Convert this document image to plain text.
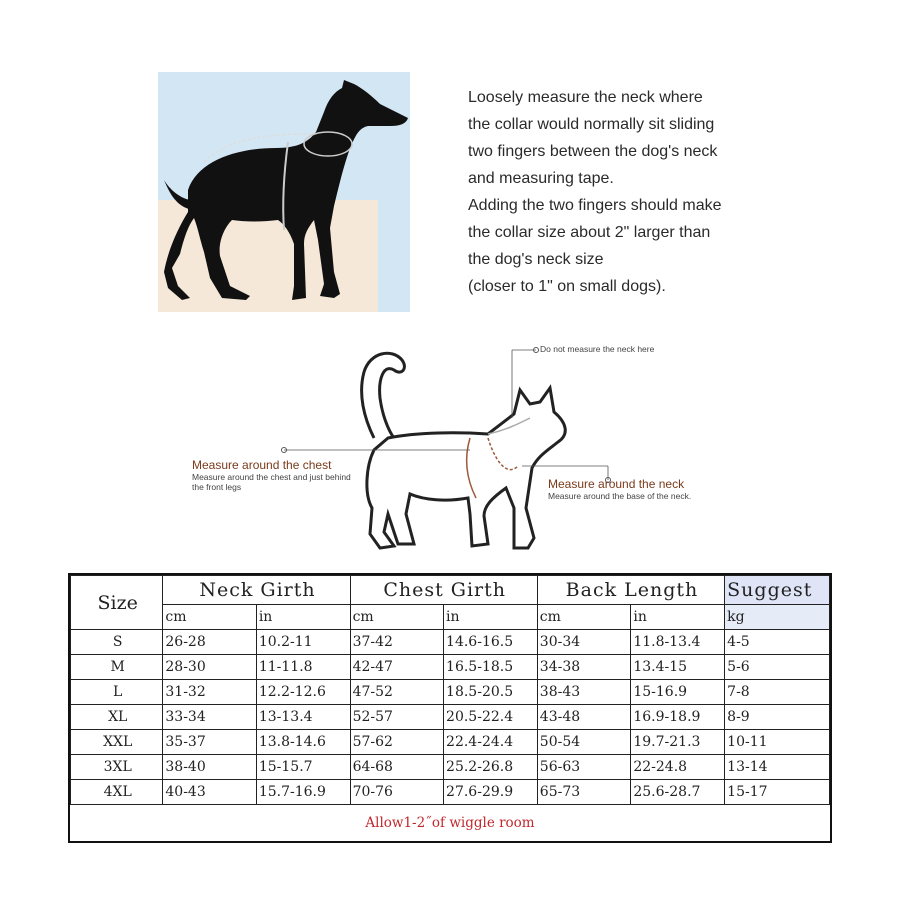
Loosely measure the neck where
the collar would normally sit sliding
two fingers between the dog's neck
and measuring tape.
Adding the two fingers should make
the collar size about 2" larger than
the dog's neck size
(closer to 1" on small dogs).
Do not measure the neck here
Measure around the chest
Measure around the chest and just behind the front legs	Measure around the neck
Measure around the base of the neck.
Size	Neck Girth		Chest Girth		Back Length		Suggest
	cm	in	cm	in	cm	in	kg
S	26-28	10.2-11	37-42	14.6-16.5	30-34	11.8-13.4	4-5
M	28-30	11-11.8	42-47	16.5-18.5	34-38	13.4-15	5-6
L	31-32	12.2-12.6	47-52	18.5-20.5	38-43	15-16.9	7-8
XL	33-34	13-13.4	52-57	20.5-22.4	43-48	16.9-18.9	8-9
XXL	35-37	13.8-14.6	57-62	22.4-24.4	50-54	19.7-21.3	10-11
3XL	38-40	15-15.7	64-68	25.2-26.8	56-63	22-24.8	13-14
4XL	40-43	15.7-16.9	70-76	27.6-29.9	65-73	25.6-28.7	15-17
Allow1-2˝of wiggle room
